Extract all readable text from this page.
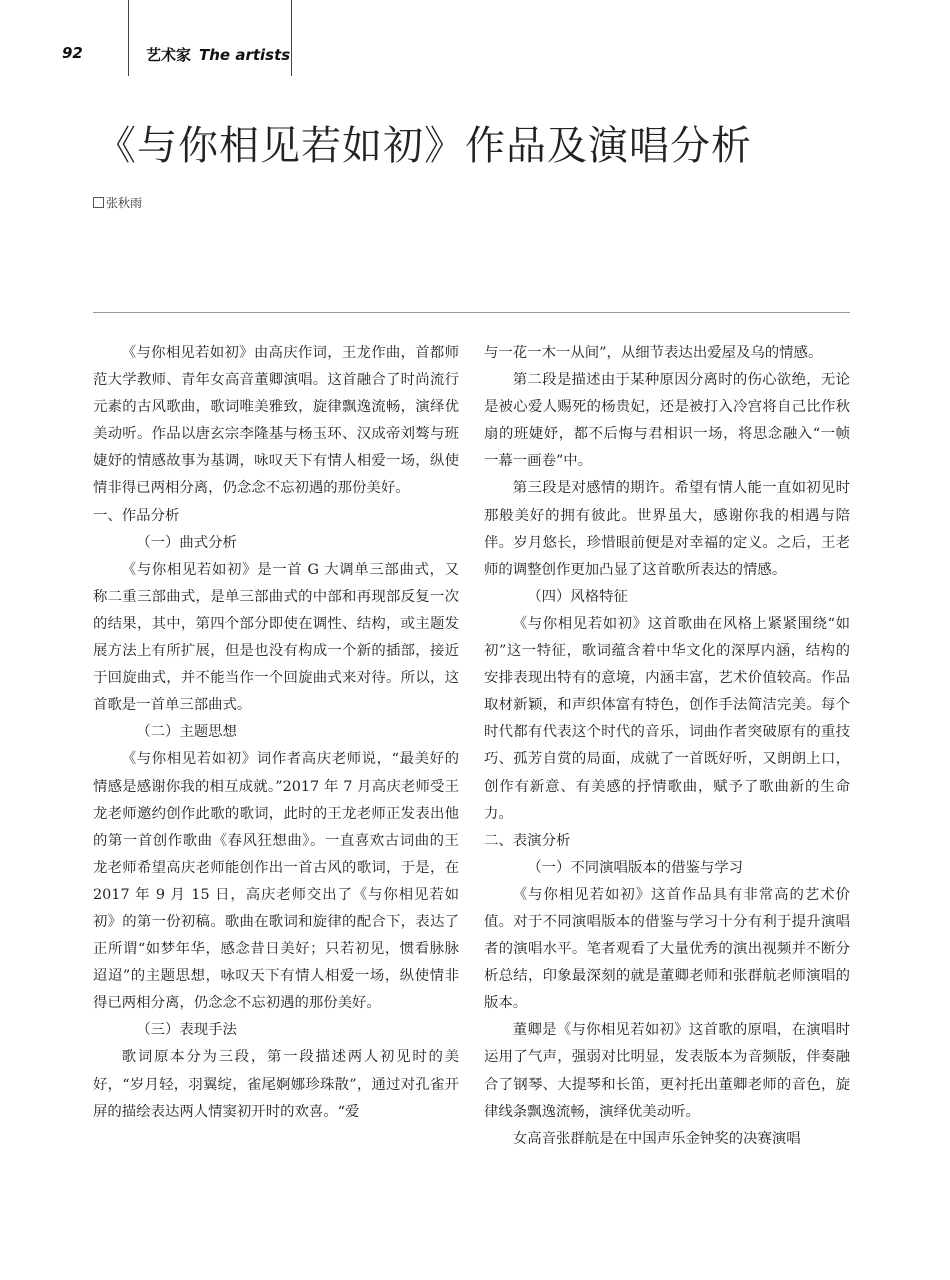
92	艺术家 The artists
《与你相见若如初》作品及演唱分析
张秋雨

《与你相见若如初》由高庆作词，王龙作曲，首都师范大学教师、青年女高音董卿演唱。这首融合了时尚流行元素的古风歌曲，歌词唯美雅致，旋律飘逸流畅，演绎优美动听。作品以唐玄宗李隆基与杨玉环、汉成帝刘骜与班婕妤的情感故事为基调，咏叹天下有情人相爱一场，纵使情非得已两相分离，仍念念不忘初遇的那份美好。

一、作品分析

（一）曲式分析

《与你相见若如初》是一首 G 大调单三部曲式，又称二重三部曲式，是单三部曲式的中部和再现部反复一次的结果，其中，第四个部分即使在调性、结构，或主题发展方法上有所扩展，但是也没有构成一个新的插部，接近于回旋曲式，并不能当作一个回旋曲式来对待。所以，这首歌是一首单三部曲式。

（二）主题思想

《与你相见若如初》词作者高庆老师说，“最美好的情感是感谢你我的相互成就。”2017 年 7 月高庆老师受王龙老师邀约创作此歌的歌词，此时的王龙老师正发表出他的第一首创作歌曲《春风狂想曲》。一直喜欢古词曲的王龙老师希望高庆老师能创作出一首古风的歌词，于是，在 2017 年 9 月 15 日，高庆老师交出了《与你相见若如初》的第一份初稿。歌曲在歌词和旋律的配合下，表达了正所谓“如梦年华，感念昔日美好；只若初见，惯看脉脉迢迢”的主题思想，咏叹天下有情人相爱一场，纵使情非得已两相分离，仍念念不忘初遇的那份美好。

（三）表现手法

歌词原本分为三段，第一段描述两人初见时的美好，“岁月轻，羽翼绽，雀尾婀娜珍珠散”，通过对孔雀开屏的描绘表达两人情窦初开时的欢喜。“爱

与一花一木一从间”，从细节表达出爱屋及乌的情感。

第二段是描述由于某种原因分离时的伤心欲绝，无论是被心爱人赐死的杨贵妃，还是被打入冷宫将自己比作秋扇的班婕妤，都不后悔与君相识一场，将思念融入“一帧一幕一画卷”中。

第三段是对感情的期许。希望有情人能一直如初见时那般美好的拥有彼此。世界虽大，感谢你我的相遇与陪伴。岁月悠长，珍惜眼前便是对幸福的定义。之后，王老师的调整创作更加凸显了这首歌所表达的情感。

（四）风格特征

《与你相见若如初》这首歌曲在风格上紧紧围绕“如初”这一特征，歌词蕴含着中华文化的深厚内涵，结构的安排表现出特有的意境，内涵丰富，艺术价值较高。作品取材新颖，和声织体富有特色，创作手法简洁完美。每个时代都有代表这个时代的音乐，词曲作者突破原有的重技巧、孤芳自赏的局面，成就了一首既好听，又朗朗上口，创作有新意、有美感的抒情歌曲，赋予了歌曲新的生命力。

二、表演分析

（一）不同演唱版本的借鉴与学习

《与你相见若如初》这首作品具有非常高的艺术价值。对于不同演唱版本的借鉴与学习十分有利于提升演唱者的演唱水平。笔者观看了大量优秀的演出视频并不断分析总结，印象最深刻的就是董卿老师和张群航老师演唱的版本。

董卿是《与你相见若如初》这首歌的原唱，在演唱时运用了气声，强弱对比明显，发表版本为音频版，伴奏融合了钢琴、大提琴和长笛，更衬托出董卿老师的音色，旋律线条飘逸流畅，演绎优美动听。

女高音张群航是在中国声乐金钟奖的决赛演唱
